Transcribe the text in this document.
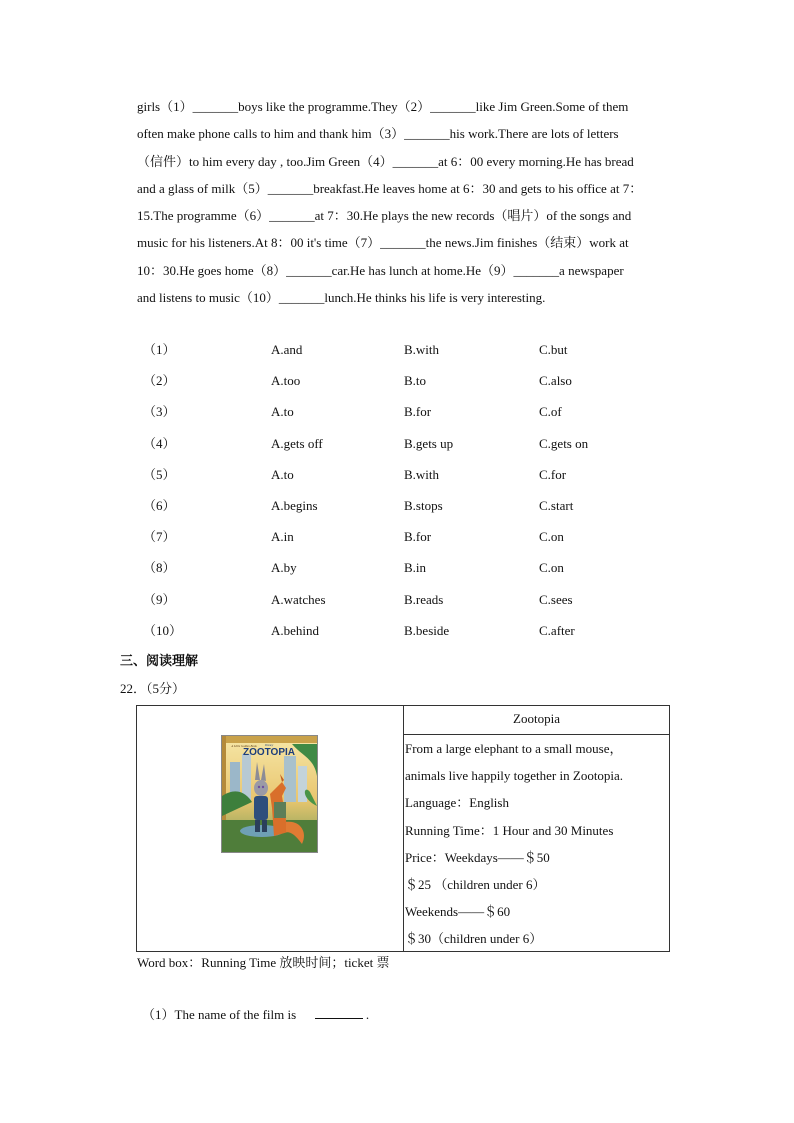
girls（1）_______boys like the programme.They（2）_______like Jim Green.Some of them
often make phone calls to him and thank him（3）_______his work.There are lots of letters
（信件）to him every day , too.Jim Green（4）_______at 6：00 every morning.He has bread
and a glass of milk（5）_______breakfast.He leaves home at 6：30 and gets to his office at 7：
15.The programme（6）_______at 7：30.He plays the new records（唱片）of the songs and
music for his listeners.At 8：00 it's time（7）_______the news.Jim finishes（结束）work at
10：30.He goes home（8）_______car.He has lunch at home.He（9）_______a newspaper
and listens to music（10）_______lunch.He thinks his life is very interesting.
（1）	A.and	B.with	C.but
（2）	A.too	B.to	C.also
（3）	A.to	B.for	C.of
（4）	A.gets off	B.gets up	C.gets on
（5）	A.to	B.with	C.for
（6）	A.begins	B.stops	C.start
（7）	A.in	B.for	C.on
（8）	A.by	B.in	C.on
（9）	A.watches	B.reads	C.sees
（10）	A.behind	B.beside	C.after
三、阅读理解
22．（5分）
ZOOTOPIA
A Little Golden Book	Disney
Zootopia
From a large elephant to a small mouse，
animals live happily together in Zootopia.
Language：English
Running Time：1 Hour and 30 Minutes
Price：Weekdays——＄50
＄25 （children under 6）
Weekends——＄60
＄30（children under 6）
Word box：Running Time 放映时间；ticket 票
（1）The name of the film is	.
